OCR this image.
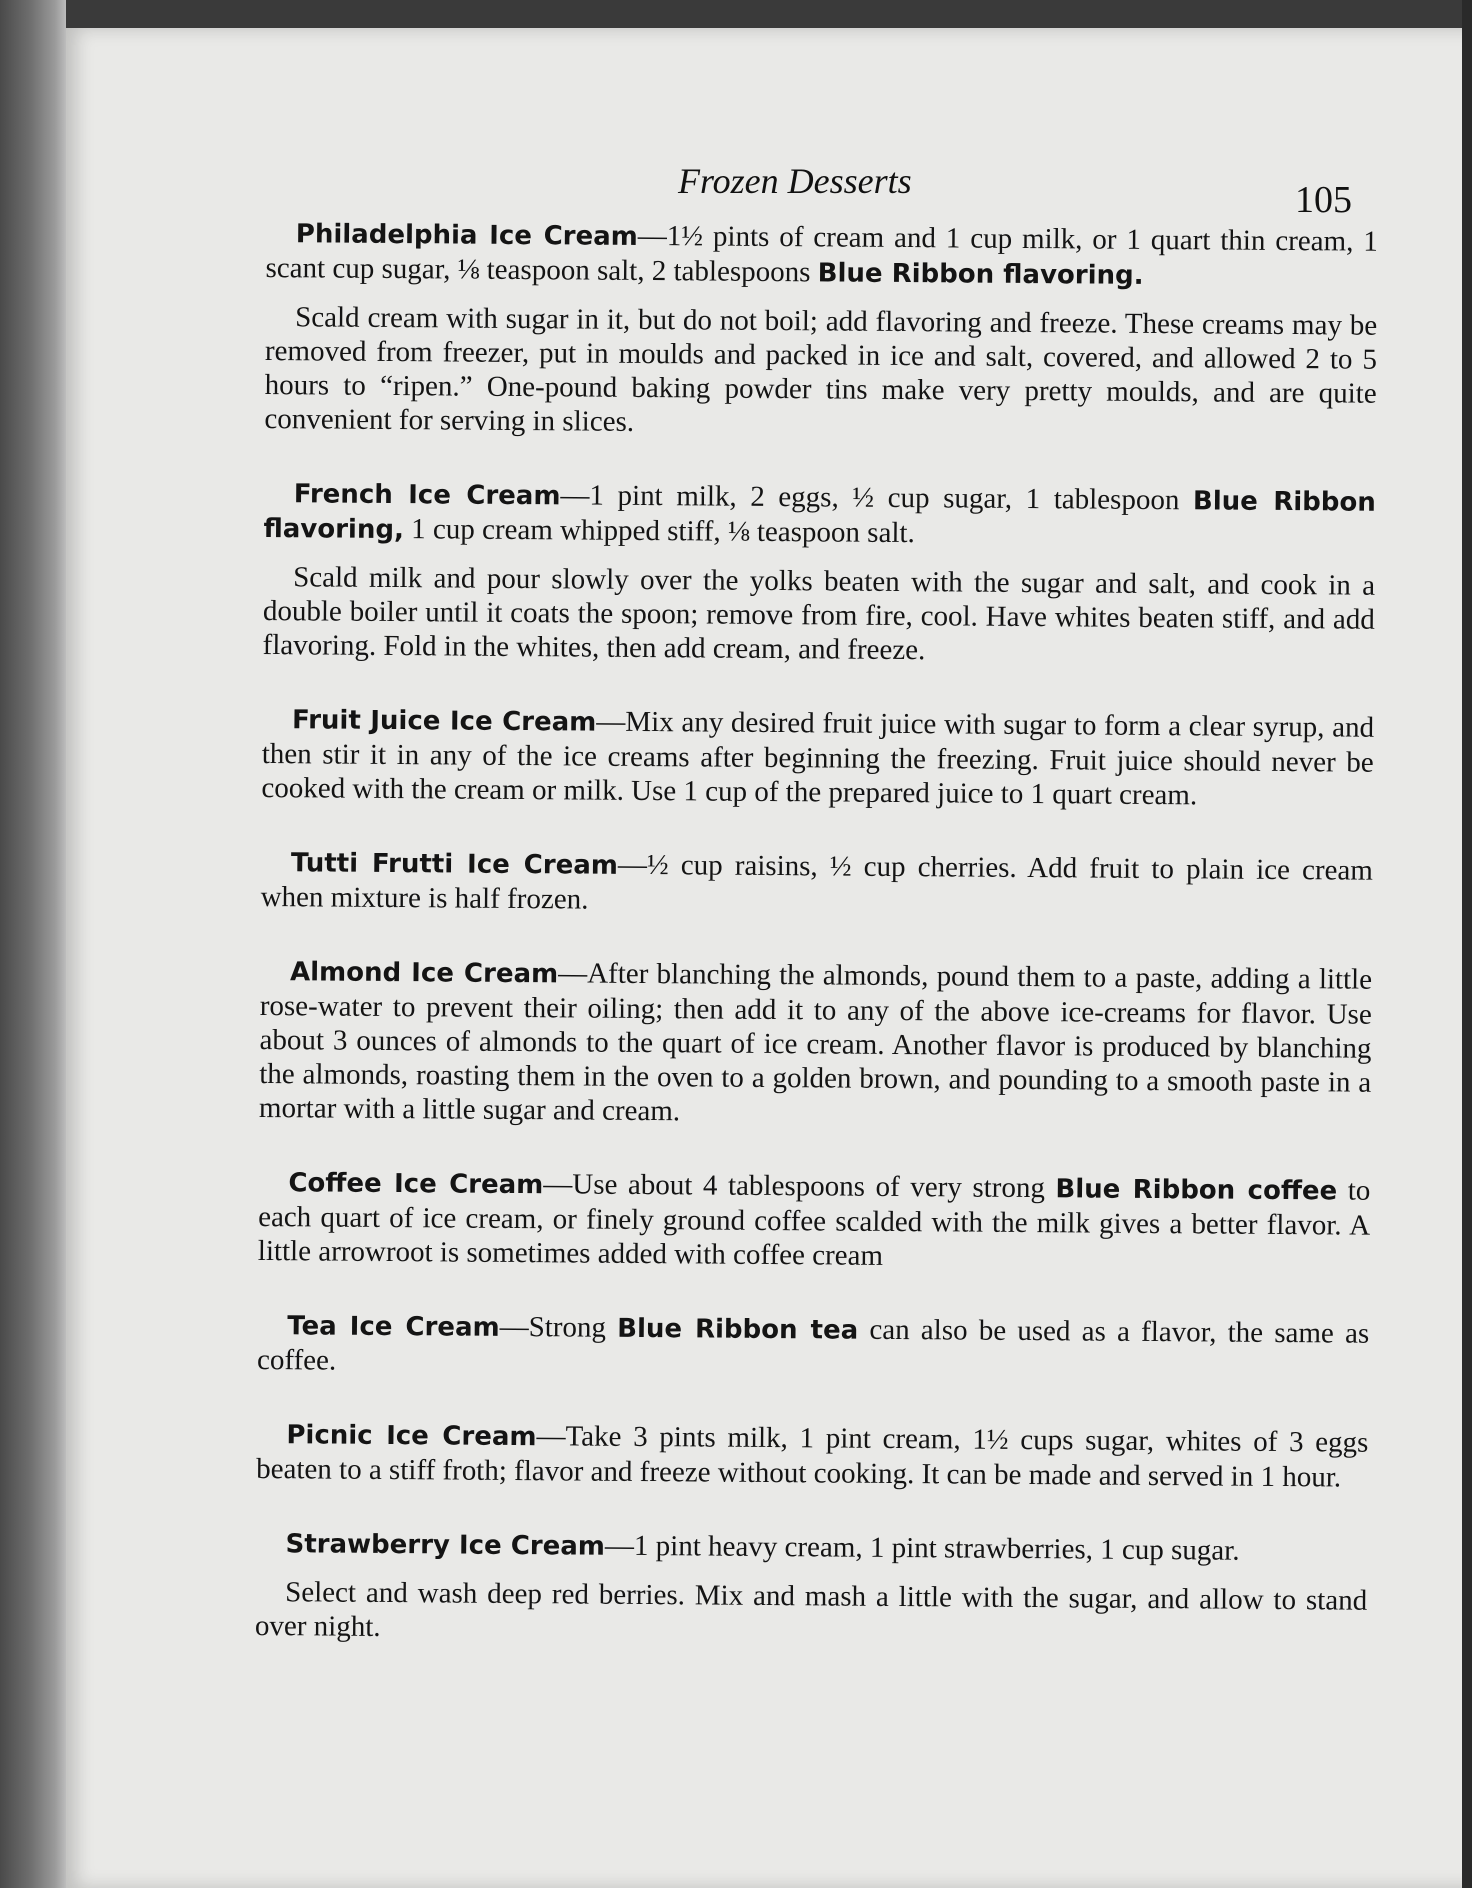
Frozen Desserts	105

Philadelphia Ice Cream—1½ pints of cream and 1 cup milk, or 1 quart thin cream, 1 scant cup sugar, ⅛ teaspoon salt, 2 tablespoons Blue Ribbon flavoring.

Scald cream with sugar in it, but do not boil; add flavoring and freeze. These creams may be removed from freezer, put in moulds and packed in ice and salt, covered, and allowed 2 to 5 hours to “ripen.” One-pound baking powder tins make very pretty moulds, and are quite convenient for serving in slices.

French Ice Cream—1 pint milk, 2 eggs, ½ cup sugar, 1 tablespoon Blue Ribbon flavoring, 1 cup cream whipped stiff, ⅛ teaspoon salt.

Scald milk and pour slowly over the yolks beaten with the sugar and salt, and cook in a double boiler until it coats the spoon; remove from fire, cool. Have whites beaten stiff, and add flavoring. Fold in the whites, then add cream, and freeze.

Fruit Juice Ice Cream—Mix any desired fruit juice with sugar to form a clear syrup, and then stir it in any of the ice creams after beginning the freezing. Fruit juice should never be cooked with the cream or milk. Use 1 cup of the prepared juice to 1 quart cream.

Tutti Frutti Ice Cream—½ cup raisins, ½ cup cherries. Add fruit to plain ice cream when mixture is half frozen.

Almond Ice Cream—After blanching the almonds, pound them to a paste, adding a little rose-water to prevent their oiling; then add it to any of the above ice-creams for flavor. Use about 3 ounces of almonds to the quart of ice cream. Another flavor is produced by blanching the almonds, roasting them in the oven to a golden brown, and pounding to a smooth paste in a mortar with a little sugar and cream.

Coffee Ice Cream—Use about 4 tablespoons of very strong Blue Ribbon coffee to each quart of ice cream, or finely ground coffee scalded with the milk gives a better flavor. A little arrowroot is sometimes added with coffee cream

Tea Ice Cream—Strong Blue Ribbon tea can also be used as a flavor, the same as coffee.

Picnic Ice Cream—Take 3 pints milk, 1 pint cream, 1½ cups sugar, whites of 3 eggs beaten to a stiff froth; flavor and freeze without cooking. It can be made and served in 1 hour.

Strawberry Ice Cream—1 pint heavy cream, 1 pint strawberries, 1 cup sugar.

Select and wash deep red berries. Mix and mash a little with the sugar, and allow to stand over night.
